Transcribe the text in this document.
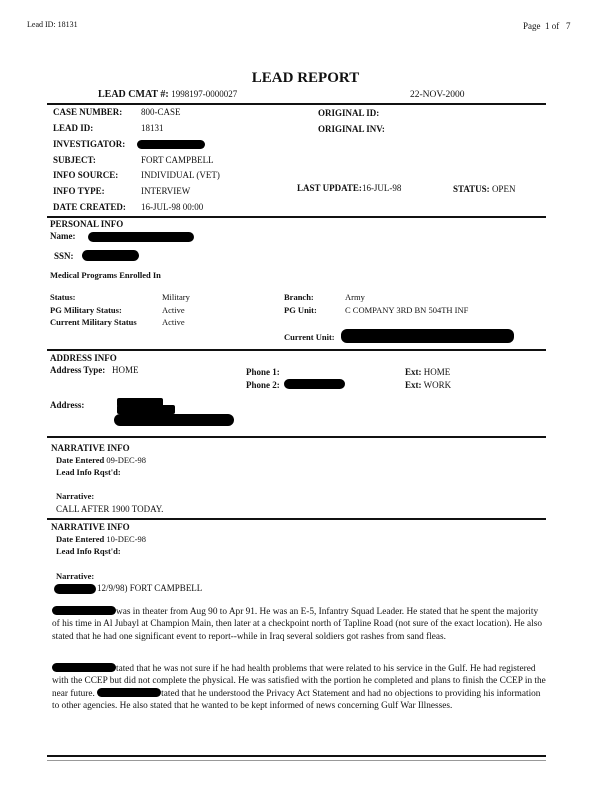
Lead ID: 18131	Page 1 of 7
LEAD REPORT
LEAD CMAT #: 1998197-0000027	22-NOV-2000
CASE NUMBER: 800-CASE
LEAD ID:	18131
INVESTIGATOR:
SUBJECT:	FORT CAMPBELL
INFO SOURCE:	INDIVIDUAL (VET)
INFO TYPE:	INTERVIEW
DATE CREATED: 16-JUL-98 00:00
ORIGINAL ID:
ORIGINAL INV:
LAST UPDATE:16-JUL-98	STATUS: OPEN
PERSONAL INFO
Name:
SSN:
Medical Programs Enrolled In
Status:	Military
PG Military Status:	Active
Current Military Status	Active
Branch:	Army
PG Unit:	C COMPANY 3RD BN 504TH INF
Current Unit:
ADDRESS INFO
Address Type: HOME	Phone 1:
Phone 2:
Ext: HOME
Ext: WORK
Address:
NARRATIVE INFO
Date Entered 09-DEC-98
Lead Info Rqst'd:
Narrative:
CALL AFTER 1900 TODAY.
NARRATIVE INFO
Date Entered 10-DEC-98
Lead Info Rqst'd:
Narrative:
12/9/98) FORT CAMPBELL
was in theater from Aug 90 to Apr 91. He was an E-5, Infantry Squad Leader. He stated that he spent the majority of his time in Al Jubayl at Champion Main, then later at a checkpoint north of Tapline Road (not sure of the exact location). He also stated that he had one significant event to report--while in Iraq several soldiers got rashes from sand fleas.
tated that he was not sure if he had health problems that were related to his service in the Gulf. He had registered with the CCEP but did not complete the physical. He was satisfied with the portion he completed and plans to finish the CCEP in the near future.	tated that he understood the Privacy Act Statement and had no objections to providing his information to other agencies. He also stated that he wanted to be kept informed of news concerning Gulf War Illnesses.
